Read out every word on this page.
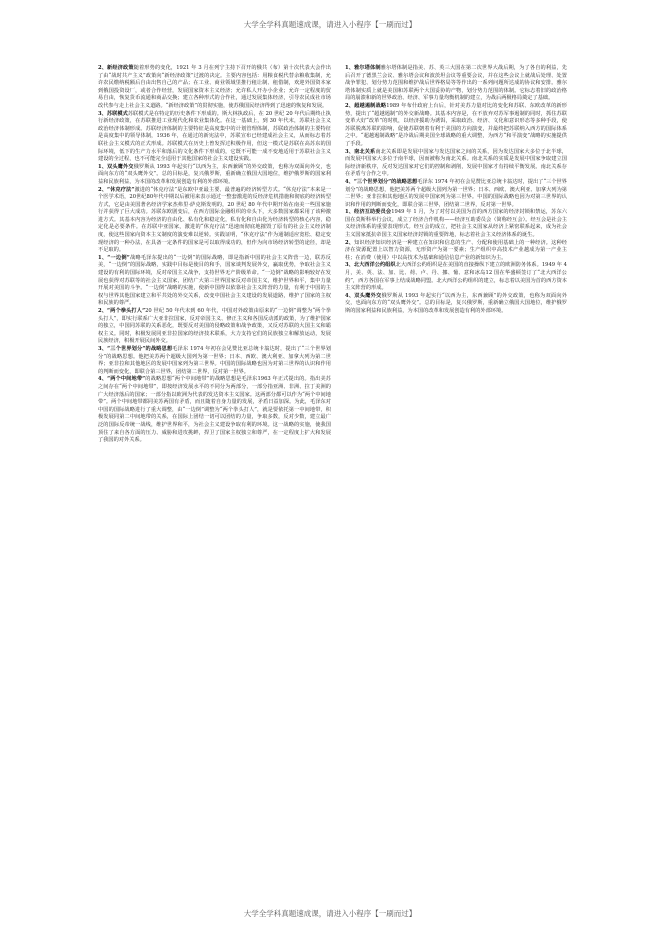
大学全学科真题速成课，请进入小程序【一刷而过】

2、新经济政策随着形势的变化，1921 年 3 月在列宁主持下召开的俄共（布）第十次代表大会作出了由“战时共产主义”政策向“新经济政策”过渡的决定。主要内容包括：用粮食税代替余粮收集制，允许农民缴纳税额后自由出售自己的产品；在工业、商业领域里推行租让制、租借制，欢迎外国资本家到俄国投资设厂，或者合作经营，发展国家资本主义经济；允许私人开办小企业；允许一定程度的贸易自由，恢复货币流通和商品交换；建立各种形式的合作社，通过发展集体经济，引导农民成社市场改代参与走上社会主义道路。“新经济政策”的贯彻实施，使苏俄国民经济得到了迅速的恢复和发展。

3、苏联模式苏联模式是在特定的历史条件下形成的。斯大林执政后，在 20 世纪 20 年代后期终止执行新经济政策，在苏联推进工业现代化和农业集体化。在这一基础上，到 30 年代末，苏联社会主义政治经济体制形成。苏联经济体制的主要特征是高度集中的计划管理体制，苏联政治体制的主要特征是高度集中的领导体制，1936 年，在通过的新宪法中，苏联宣布已经建成社会主义，从而标志着苏联社会主义模式的正式形成。苏联模式在历史上曾发挥过积极作用，但这一模式是苏联在高苏东的国际环境，低下的生产力水平和落后的文化条件下形成的，它既不可能一成不变地适用于苏联社会主义建设的全过程，也不可能完全适用于其他国家的社会主义建设实践。

1、双头鹰外交俄罗斯从 1993 年起实行“以西为主，东西兼顾”的外交政策，也称为双面向外交，也面向东方的“双头鹰外交”。总的目标是，复兴俄罗斯，重新确立俄国大国地位，维护俄罗斯的国家利益和民族利益，为本国的改革和发展创造有利的外部环境。

2、“休克疗法”激进的“休克疗法”是东欧中亚最主要、最普遍的经济转型方式。“休克疗法”本来是一个医学术语，20世纪80年代中期以后被用来表示通过一整套激进的反经济危机措施和彻底的经济转型方式，它是由美国著名经济学家杰弗里·萨克斯发明的，20 世纪 80 年代中期开始在南美一些国家施行并获得了巨大成功。苏联东欧剧变后，在西方国际金融组织的牵头下，大多数国家都采用了该种激进方式。其基本内容为经济的自由化、私有化和稳定化，私有化和自由化为经济转型的核心内容，稳定化是必要条件。在苏联中亚国家，激进的“休克疗法”迅速而彻底地摧毁了原有的社会主义经济制度，使这些国家向资本主义制度的演变难以逆转。实践证明，“休克疗法”作为通制适应宽松、稳定变现经济的一种办法，在具备一定条件的国家是可以取得成功的，但作为向市场经济转型的途径，却是不足取的。

1、“一边倒”战略毛泽东提出的“一边倒”的国际战略，即是指新中国的社会主义阵营一边，联苏反美，“一边倒”的国际战略，实践中目标是使目的和手，国家谈判发展外交，赢取优势，争取社会主义建设的有利的国际环境，反对帝国主义战争，支持世界无产阶级革命。“一边倒”战略的影响较好在发展也获得对苏联等的社会主义国家，团结广大第三世界国家反对帝国主义，维护世界和平，集中力量开展对美国的斗争。“一边倒”战略的实施，使新中国得以依靠社会主义阵营的力量，有利于中国的主权与世界其他国家建立和平共处的外交关系，改变中国社会主义建设的发展道路，维护了国家的主权和民族的尊严。

2、“两个拳头打人”20 世纪 50 年代末到 60 年代，中国对外政策由原来的“一边倒”调整为“两个拳头打人”，即实行联系广大亚非拉国家，反对帝国主义、修正主义和各国反动派的政策，为了维护国家的独立，中国同苏联的关系恶化，既要反对美国的侵略政策和战争政策，又反对苏联的大国主义和霸权主义。同时，积极发展同亚非拉国家的经济技术联系，大力支持它们的民族独立和解放运动，发展民族经济，积极开展民间外交。

3、“三个世界划分”的战略思想毛泽东 1974 年初在会见赞比亚总统卡翁达时，提出了“三个世界划分”的战略思想。他把美苏两个超级大国列为第一世界；日本、西欧、澳大利亚、加拿大列为第二世界；亚非拉和其他地区的发展中国家列为第三世界。中国的国际战略也因为对第三世界的认识和作用的判断而变化，即联合第三世界，团结第二世界，反对第一世界。

4、“两个中间地带”的战略思想“两个中间地带”的战略思想是毛泽东1963 年正式提出的。指出美苏之间存在“两个中间地带”，即按经济发展水平的不同分为两部分，一部分指亚洲、非洲、拉丁美洲的广大经济落后的国家；一部分指以欧洲为代表的发达资本主义国家。这两部分都可以作为“两个中间地带”。两个中间地带都同美苏两国有矛盾，而且随着自身力量的发展，矛盾日益加深。为此，毛泽东对中国的国际战略进行了重大调整，由“一边倒”调整为“两个拳头打人”，就是要依托第一中间地带，积极发展同第二中间地带的关系，在国际上团结一切可以团结的力量，争取多数，反对少数，建立最广泛的国际反帝统一战线，维护世界和平，为社会主义建设争取有利的环境。这一战略的实施，使我国顶住了来自各方面的压力、威胁和进攻挑衅，捍卫了国家主权独立和尊严，在一定程度上扩大和发展了我国的对外关系。

1、雅尔塔体制雅尔塔体制是指美、苏、英三大国在第二次世界大战后期，为了各自的利益，先后召开了德黑兰会议、雅尔塔会议和波茨坦会议等重要会议，并在这些会议上就战后处理、处置战争罪犯、划分势力范围和维护战后世界格局等等作出的一系列问题所达成的协议和安排。雅尔塔体制实质上就是美国和苏联两个大国妥协的产物，划分势力范围的体制。它标志着旧的政治格局的崩溃和新的世界政治、经济、军事力量均衡机制的建立，为战后两极格局奠定了基础。

2、超越遏制战略1989 年布什政府上台后，针对美苏力量对比的变化和苏联、东欧改革的新形势，提出了“超越遏制”的外交新战略。其基本内容是，在不放弃对苏军事遏制的同时，抓住苏联变革大好“改革”的时机，以经济援助为诱饵，采取政治、经济、文化和意识形态等多种手段，使苏联脱离苏联的影响，促使苏联朝着有利于美国的方向演变，并最终把苏联纳入西方的国际体系之中。“超越遏制战略”是冷战后期美国全球战略的重大调整，为西方“和平演变”战略的实施提供了手段。

3、南北关系南北关系即是发展中国家与发达国家之间的关系，因为发达国家大多位于北半球，而发展中国家大多位于南半球，因而被称为南北关系。南北关系的实质是发展中国家争取建立国际经济新秩序，反对发达国家对它们的控制和剥削，发展中国家才有持续平衡发展。南北关系存在矛盾与合作之中。

4、“三个世界划分”的战略思想毛泽东 1974 年初在会见赞比亚总统卡翁达时，提出了“三个世界划分”的战略思想，他把美苏两个超级大国列为第一世界；日本、西欧、澳大利亚、加拿大列为第二世界；亚非拉和其他地区的发展中国家列为第三世界。中国的国际战略也因为对第三世界的认识和作用的判断而变化，即联合第三世界，团结第二世界，反对第一世界。

1、经济互助委员会1949 年 1 月，为了对付以美国为首的西方国家的经济封锁和禁运，苏东六国在莫斯科举行会议，成立了经济合作机构——经济互助委员会（简称经互会）。经互会是社会主义经济体系的重要表现形式。经互会的成立，把社会主义国家从经济上紧密联系起来，成为社会主义国家抵抗帝国主义国家经济封锁的重要阵地，标志着社会主义经济体系的诞生。

2、知识经济知识经济是一种建立在知识和信息的生产、分配和使用基础上的一种经济。这种经济在资源配置上以智力资源，无形资产为第一要素；生产组织中高技术产业越成为第一产业主柱；在消费（使用）中以高技术为基础和通信信息产业的新知识为主。

3、北大西洋公约组织北大西洋公约组织是在美国的直接操纵下建立的欧洲防务体系。1949 年 4 月，美、英、法、加、比、荷、卢、丹、挪、葡、意和冰岛12 国在华盛顿签订了“北大西洋公约”，西方各国在军事上结成战略同盟。北大西洋公约组织的建立，标志着以美国为首的西方资本主义阵营的形成。

4、双头鹰外交俄罗斯从 1993 年起实行“以西为主，东西兼顾”的外交政策，也称为双面向外交，也面向东方的“双头鹰外交”。总的目标是，复兴俄罗斯，重新确立俄国大国地位，维护俄罗斯的国家利益和民族利益，为本国的改革和发展创造有利的外部环境。

大学全学科真题速成课，请进入小程序【一刷而过】
